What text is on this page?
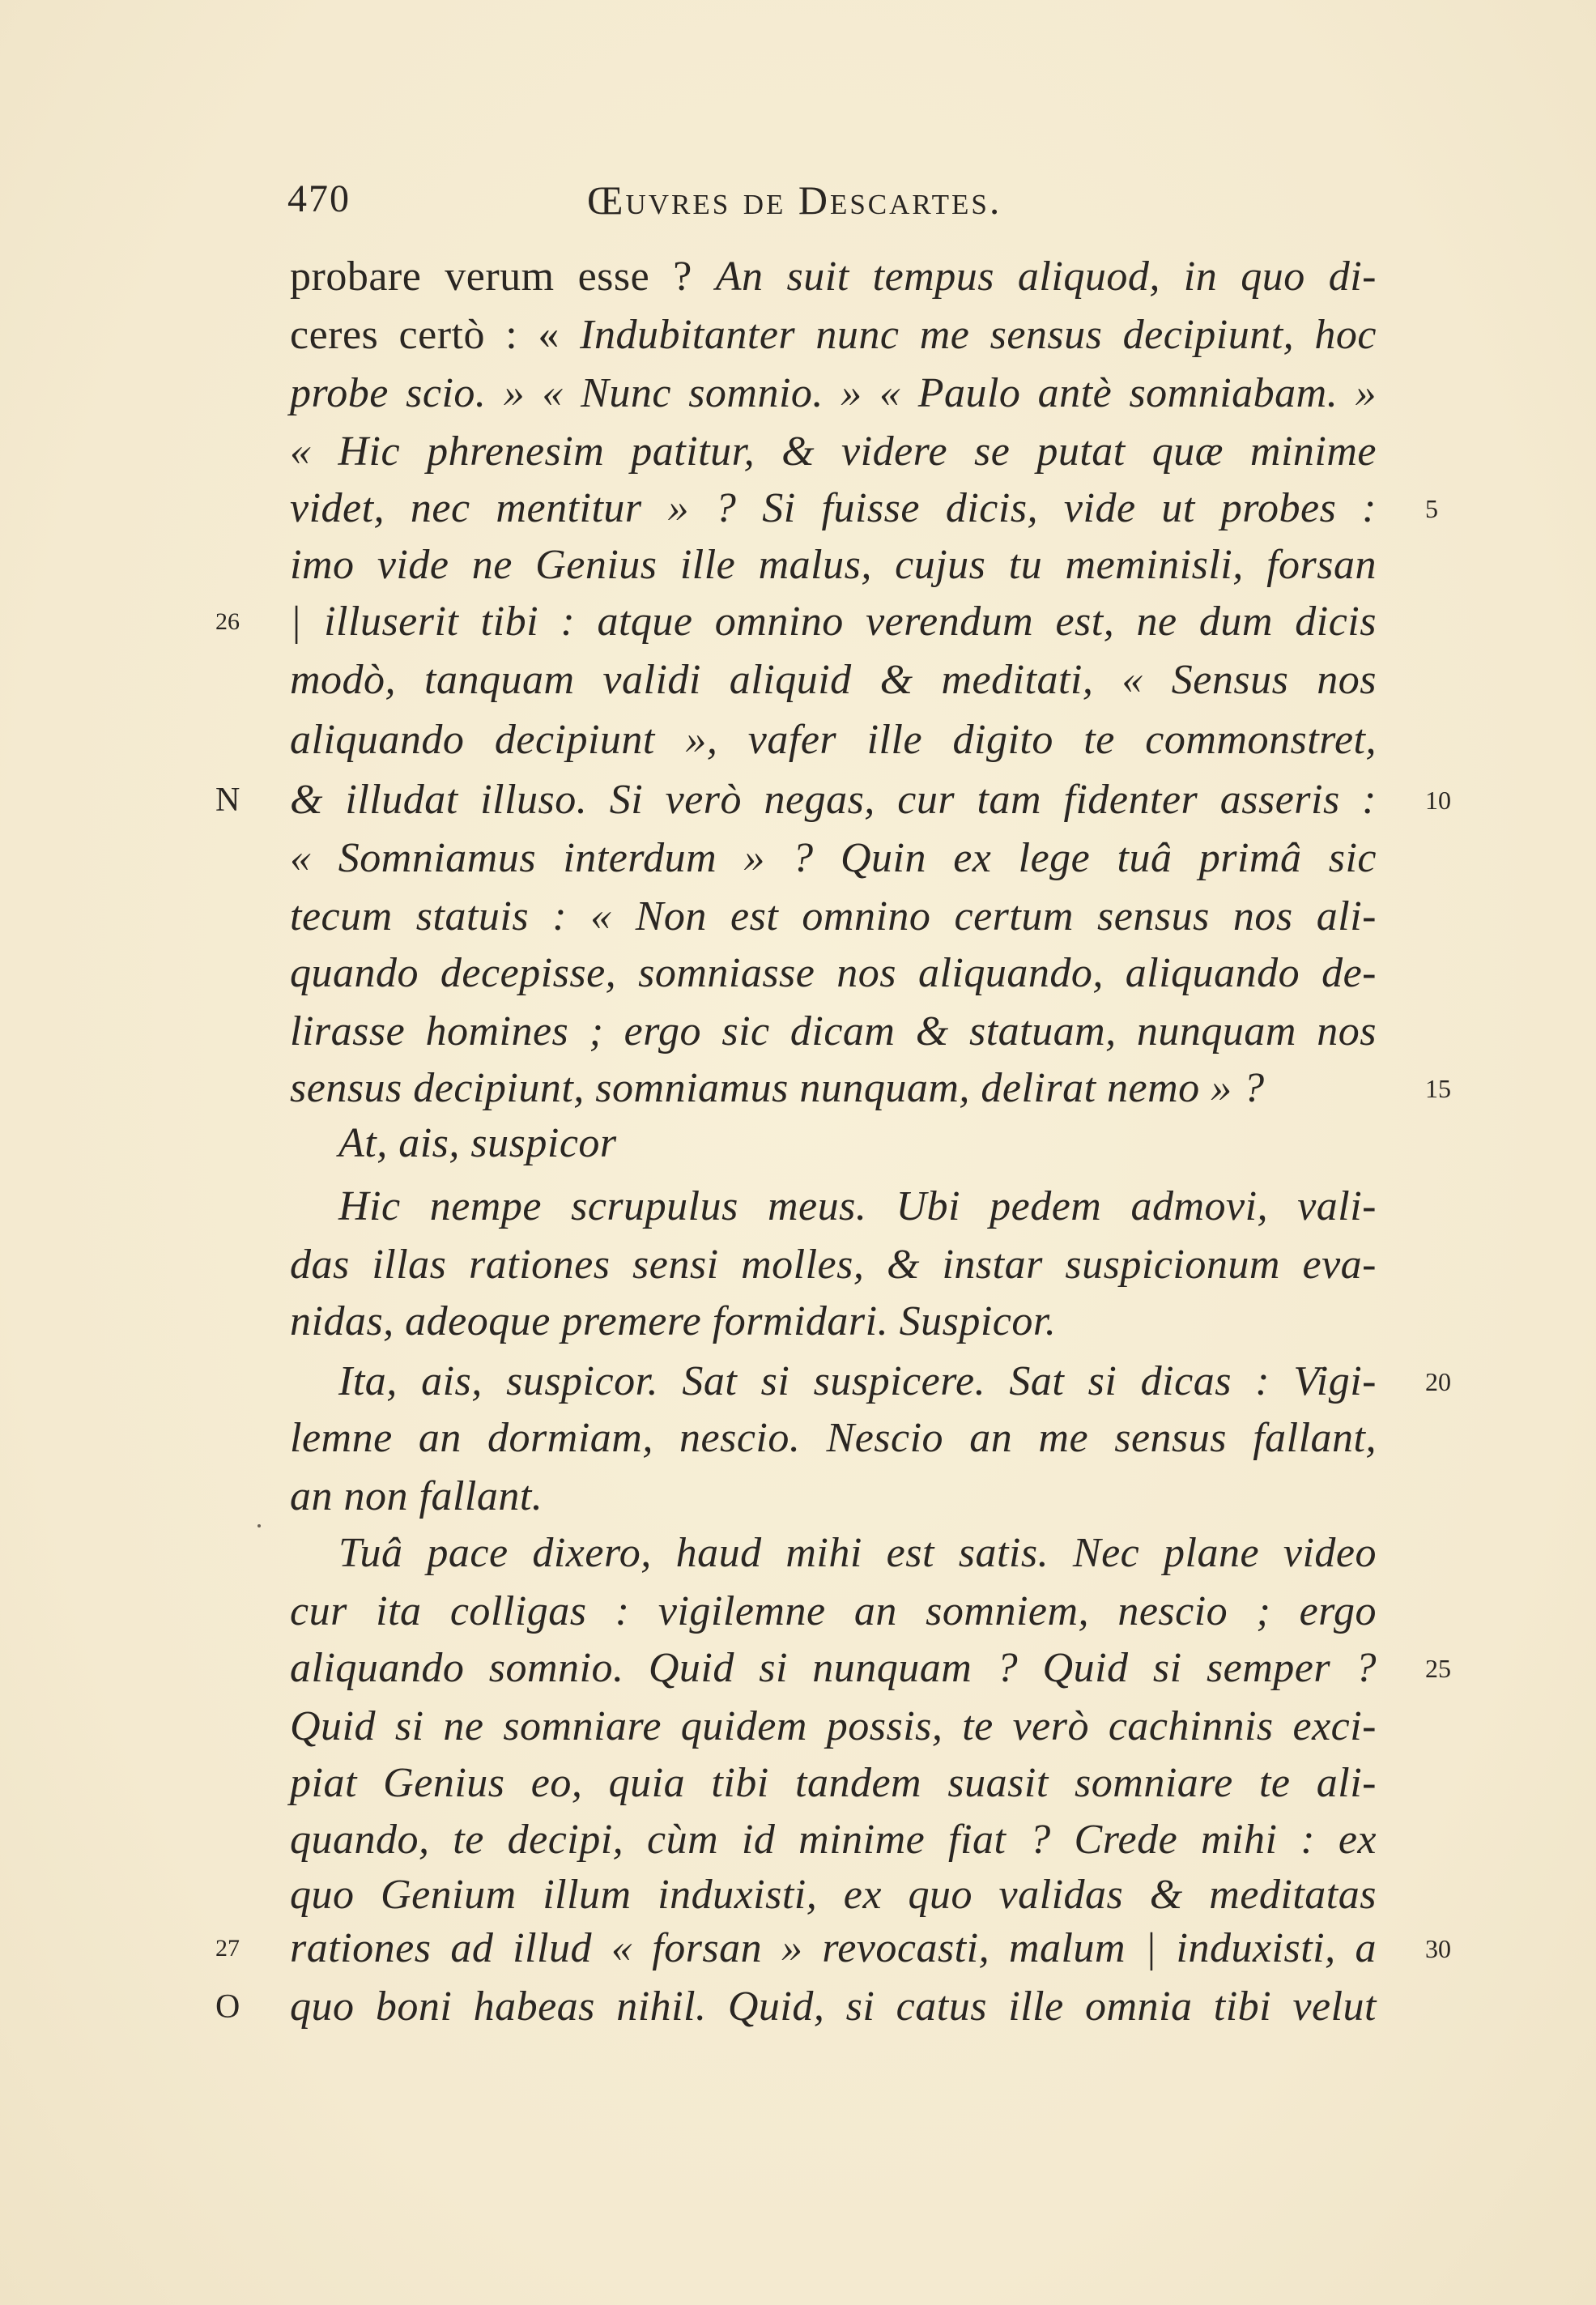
470	Œuvres de Descartes.
26
N
27
O
5
10
15
20
25
30
probare verum esse ? An suit tempus aliquod, in quo di-
ceres certò : « Indubitanter nunc me sensus decipiunt, hoc
probe scio. » « Nunc somnio. » « Paulo antè somniabam. »
« Hic phrenesim patitur, & videre se putat quæ minime
videt, nec mentitur » ? Si fuisse dicis, vide ut probes :
imo vide ne Genius ille malus, cujus tu meminisli, forsan
| illuserit tibi : atque omnino verendum est, ne dum dicis
modò, tanquam validi aliquid & meditati, « Sensus nos
aliquando decipiunt », vafer ille digito te commonstret,
& illudat illuso. Si verò negas, cur tam fidenter asseris :
« Somniamus interdum » ? Quin ex lege tuâ primâ sic
tecum statuis : « Non est omnino certum sensus nos ali-
quando decepisse, somniasse nos aliquando, aliquando de-
lirasse homines ; ergo sic dicam & statuam, nunquam nos
sensus decipiunt, somniamus nunquam, delirat nemo » ?
At, ais, suspicor
Hic nempe scrupulus meus. Ubi pedem admovi, vali-
das illas rationes sensi molles, & instar suspicionum eva-
nidas, adeoque premere formidari. Suspicor.
Ita, ais, suspicor. Sat si suspicere. Sat si dicas : Vigi-
lemne an dormiam, nescio. Nescio an me sensus fallant,
an non fallant.
Tuâ pace dixero, haud mihi est satis. Nec plane video
cur ita colligas : vigilemne an somniem, nescio ; ergo
aliquando somnio. Quid si nunquam ? Quid si semper ?
Quid si ne somniare quidem possis, te verò cachinnis exci-
piat Genius eo, quia tibi tandem suasit somniare te ali-
quando, te decipi, cùm id minime fiat ? Crede mihi : ex
quo Genium illum induxisti, ex quo validas & meditatas
rationes ad illud « forsan » revocasti, malum | induxisti, a
quo boni habeas nihil. Quid, si catus ille omnia tibi velut
